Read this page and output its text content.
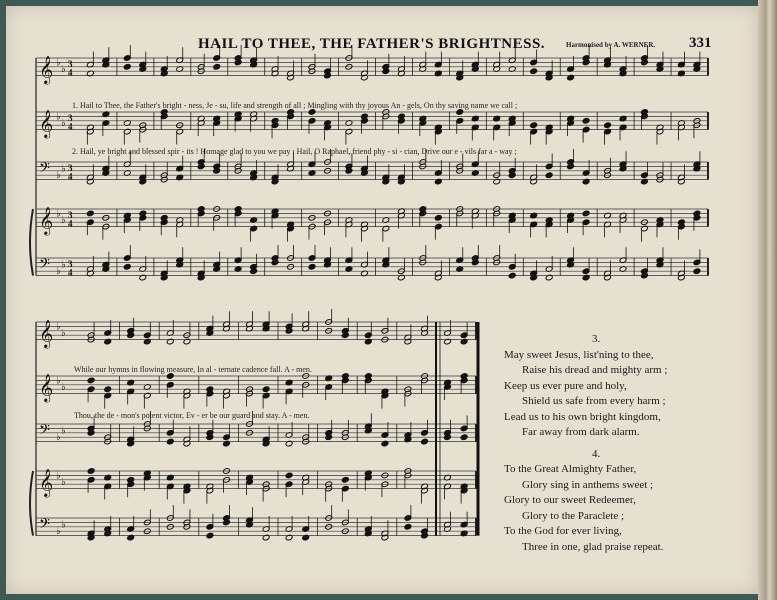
HAIL TO THEE, THE FATHER'S BRIGHTNESS.	Harmonised by A. WERNER. 331
𝄞 ♭
♭
3
4
𝄞 ♭
♭
3
4
𝄢 ♭
♭ 3
4
𝄞 ♭
♭
3
4
𝄢 ♭
♭ 3
4
𝄞 ♭
♭
𝄞 ♭
♭
𝄢 ♭
♭
𝄞 ♭
♭
𝄢 ♭
♭
1. Hail to Thee, the Father's bright - ness, Je - su, life and strength of all ; Mingling with thy joyous An - gels, On thy saving name we call ;
2. Hail, ye bright and blessed spir - its ! Homage glad to you we pay ; Hail, O Raphael, friend phy - si - cian, Drive our e - vils far a - way ;
While our hymns in flowing measure, In al - ternate cadence fall. A - men.
Thou, the de - mon's potent victor, Ev - er be our guard and stay. A - men.
3.
May sweet Jesus, list'ning to thee,
Raise his dread and mighty arm ;
Keep us ever pure and holy,
Shield us safe from every harm ;
Lead us to his own bright kingdom,
Far away from dark alarm.
4.
To the Great Almighty Father,
Glory sing in anthems sweet ;
Glory to our sweet Redeemer,
Glory to the Paraclete ;
To the God for ever living,
Three in one, glad praise repeat.
